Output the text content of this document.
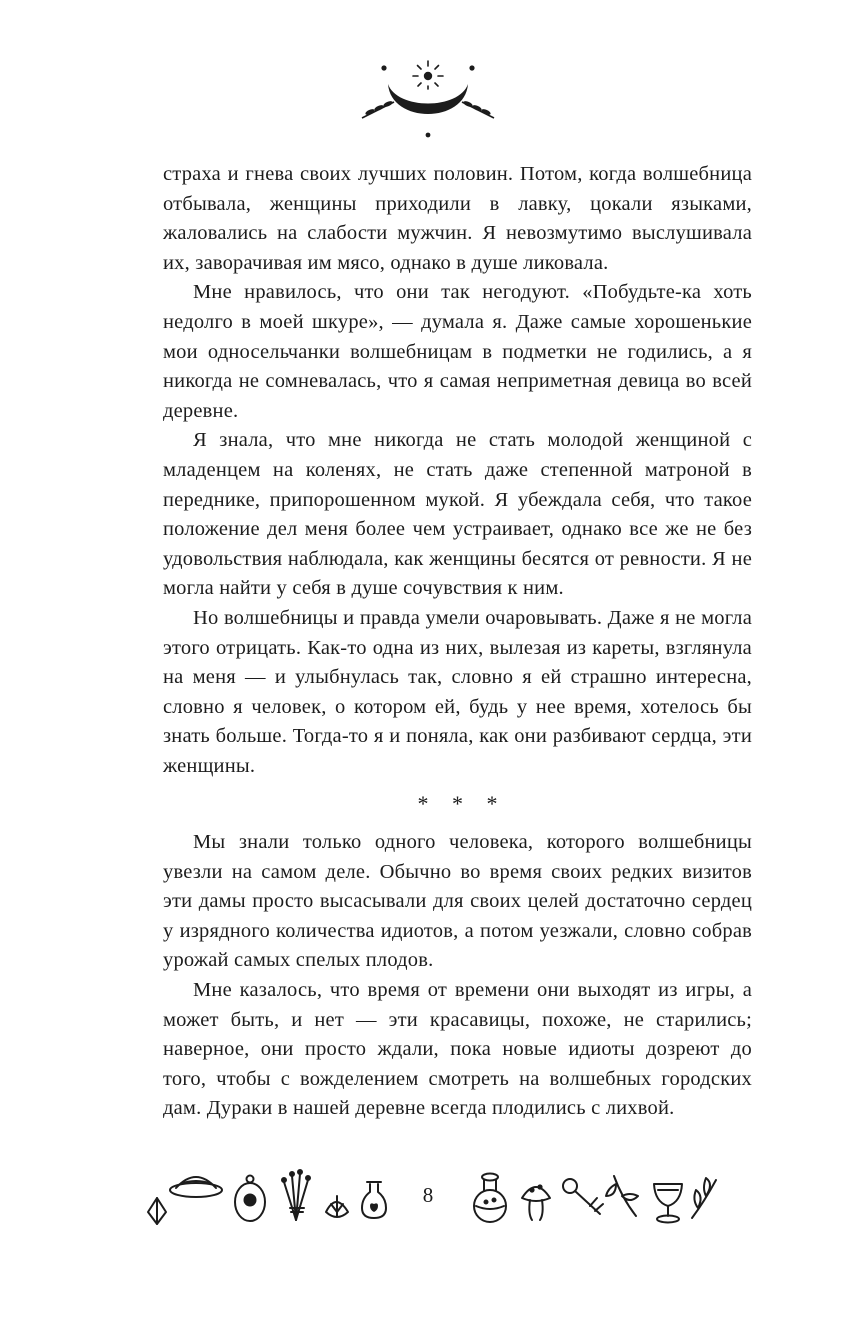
страха и гнева своих лучших половин. Потом, когда волшебница отбывала, женщины приходили в лавку, цокали языками, жаловались на слабости мужчин. Я невозмутимо выслушивала их, заворачивая им мясо, однако в душе ликовала.

Мне нравилось, что они так негодуют. «Побудьте-ка хоть недолго в моей шкуре», — думала я. Даже самые хорошенькие мои односельчанки волшебницам в подметки не годились, а я никогда не сомневалась, что я самая неприметная девица во всей деревне.

Я знала, что мне никогда не стать молодой женщиной с младенцем на коленях, не стать даже степенной матроной в переднике, припорошенном мукой. Я убеждала себя, что такое положение дел меня более чем устраивает, однако все же не без удовольствия наблюдала, как женщины бесятся от ревности. Я не могла найти у себя в душе сочувствия к ним.

Но волшебницы и правда умели очаровывать. Даже я не могла этого отрицать. Как-то одна из них, вылезая из кареты, взглянула на меня — и улыбнулась так, словно я ей страшно интересна, словно я человек, о котором ей, будь у нее время, хотелось бы знать больше. Тогда-то я и поняла, как они разбивают сердца, эти женщины.

* * *

Мы знали только одного человека, которого волшебницы увезли на самом деле. Обычно во время своих редких визитов эти дамы просто высасывали для своих целей достаточно сердец у изрядного количества идиотов, а потом уезжали, словно собрав урожай самых спелых плодов.

Мне казалось, что время от времени они выходят из игры, а может быть, и нет — эти красавицы, похоже, не старились; наверное, они просто ждали, пока новые идиоты дозреют до того, чтобы с вожделением смотреть на волшебных городских дам. Дураки в нашей деревне всегда плодились с лихвой.

8
